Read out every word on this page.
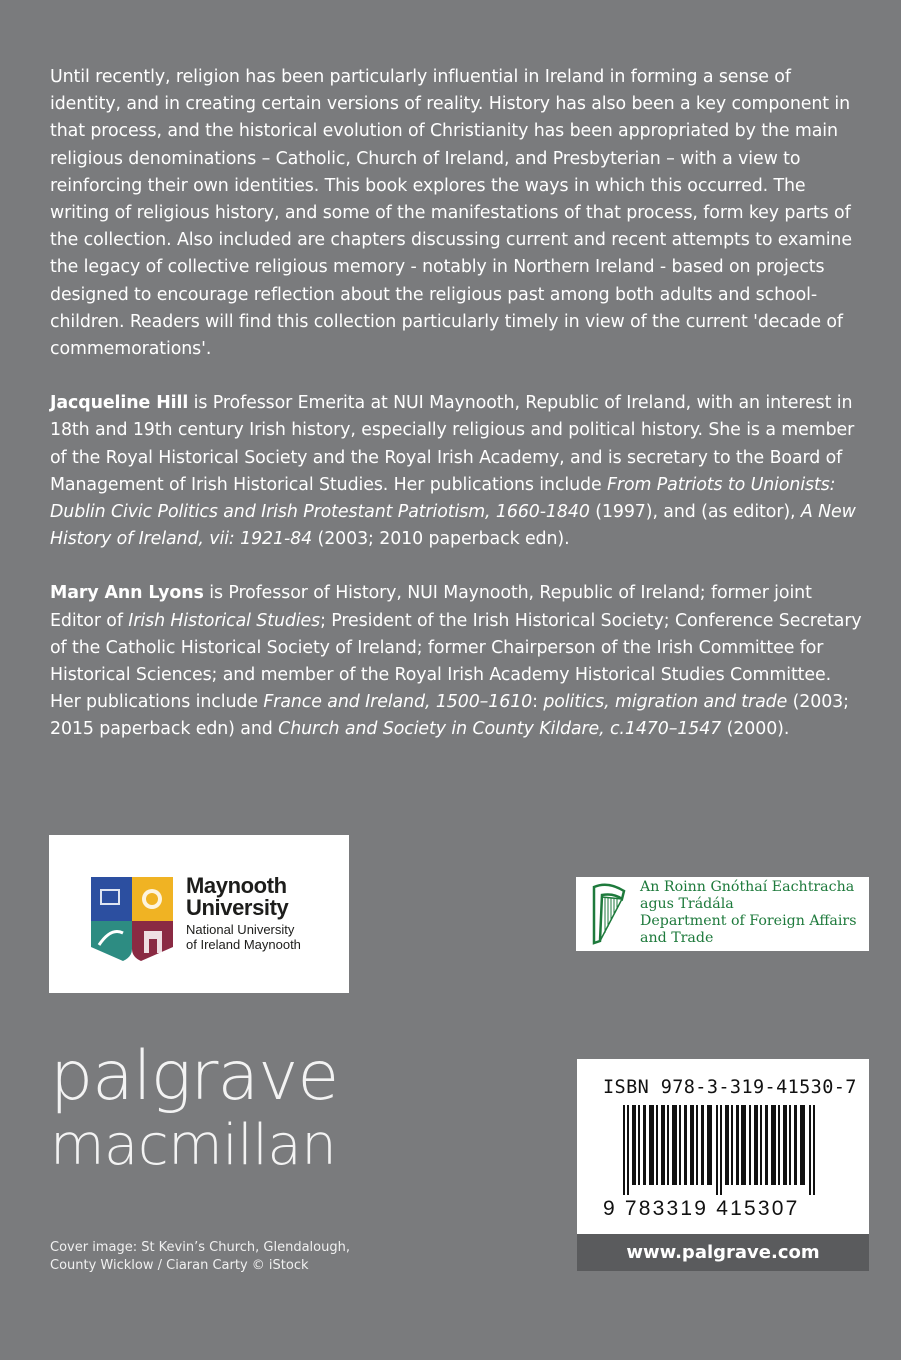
Until recently, religion has been particularly influential in Ireland in forming a sense of identity, and in creating certain versions of reality. History has also been a key component in that process, and the historical evolution of Christianity has been appropriated by the main religious denominations – Catholic, Church of Ireland, and Presbyterian – with a view to reinforcing their own identities. This book explores the ways in which this occurred. The writing of religious history, and some of the manifestations of that process, form key parts of the collection. Also included are chapters discussing current and recent attempts to examine the legacy of collective religious memory - notably in Northern Ireland - based on projects designed to encourage reflection about the religious past among both adults and school-children. Readers will find this collection particularly timely in view of the current 'decade of commemorations'.

Jacqueline Hill is Professor Emerita at NUI Maynooth, Republic of Ireland, with an interest in 18th and 19th century Irish history, especially religious and political history. She is a member of the Royal Historical Society and the Royal Irish Academy, and is secretary to the Board of Management of Irish Historical Studies. Her publications include From Patriots to Unionists: Dublin Civic Politics and Irish Protestant Patriotism, 1660-1840 (1997), and (as editor), A New History of Ireland, vii: 1921-84 (2003; 2010 paperback edn).

Mary Ann Lyons is Professor of History, NUI Maynooth, Republic of Ireland; former joint Editor of Irish Historical Studies; President of the Irish Historical Society; Conference Secretary of the Catholic Historical Society of Ireland; former Chairperson of the Irish Committee for Historical Sciences; and member of the Royal Irish Academy Historical Studies Committee. Her publications include France and Ireland, 1500–1610: politics, migration and trade (2003; 2015 paperback edn) and Church and Society in County Kildare, c.1470–1547 (2000).

Maynooth
University
National University
of Ireland Maynooth
An Roinn Gnóthaí Eachtracha
agus Trádála
Department of Foreign Affairs
and Trade
palgrave
macmillan
Cover image: St Kevin’s Church, Glendalough,
County Wicklow / Ciaran Carty © iStock
ISBN 978-3-319-41530-7
9 783319 415307
www.palgrave.com
